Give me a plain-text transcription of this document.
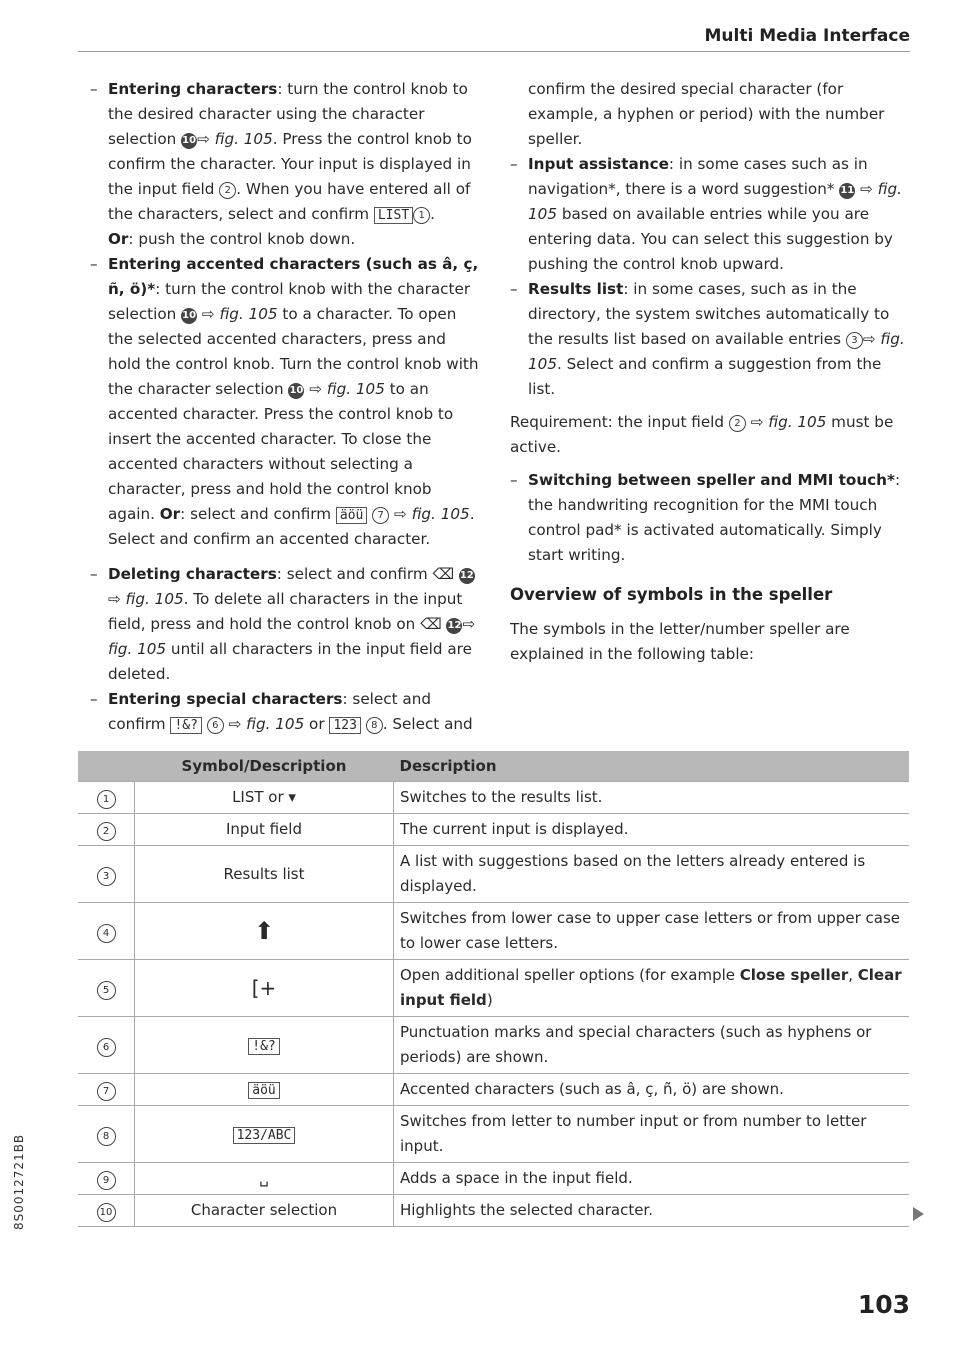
Multi Media Interface
– Entering characters: turn the control knob to the desired character using the character selection 10⇨ fig. 105. Press the control knob to confirm the character. Your input is displayed in the input field 2 . When you have entered all of the characters, select and confirm LIST 1 .
Or: push the control knob down.
– Entering accented characters (such as â, ç, ñ, ö)*: turn the control knob with the character selection 10 ⇨ fig. 105 to a character. To open the selected accented characters, press and hold the control knob. Turn the control knob with the character selection 10 ⇨ fig. 105 to an accented character. Press the control knob to insert the accented character. To close the accented characters without selecting a character, press and hold the control knob again. Or: select and confirm äöü 7 ⇨ fig. 105. Select and confirm an accented character.
– Deleting characters: select and confirm ⌫ 12 ⇨ fig. 105. To delete all characters in the input field, press and hold the control knob on ⌫ 12⇨ fig. 105 until all characters in the input field are deleted.
– Entering special characters: select and confirm !&? 6 ⇨ fig. 105 or 123 8 . Select and
confirm the desired special character (for example, a hyphen or period) with the number speller.
– Input assistance: in some cases such as in navigation*, there is a word suggestion* 11 ⇨ fig. 105 based on available entries while you are entering data. You can select this suggestion by pushing the control knob upward.
– Results list: in some cases, such as in the directory, the system switches automatically to the results list based on available entries 3 ⇨ fig. 105. Select and confirm a suggestion from the list.

Requirement: the input field 2 ⇨ fig. 105 must be active.

– Switching between speller and MMI touch*: the handwriting recognition for the MMI touch control pad* is activated automatically. Simply start writing.
Overview of symbols in the speller
The symbols in the letter/number speller are explained in the following table:
	Symbol/Description	Description
1	LIST or ▾	Switches to the results list.
2	Input field	The current input is displayed.
3	Results list	A list with suggestions based on the letters already entered is displayed.
4	⬆	Switches from lower case to upper case letters or from upper case to lower case letters.
5	[+	Open additional speller options (for example Close speller, Clear input field)
6	!&?	Punctuation marks and special characters (such as hyphens or periods) are shown.
7	äöü	Accented characters (such as â, ç, ñ, ö) are shown.
8	123/ABC	Switches from letter to number input or from number to letter input.
9	␣	Adds a space in the input field.
10	Character selection	Highlights the selected character.
103
8S0012721BB
